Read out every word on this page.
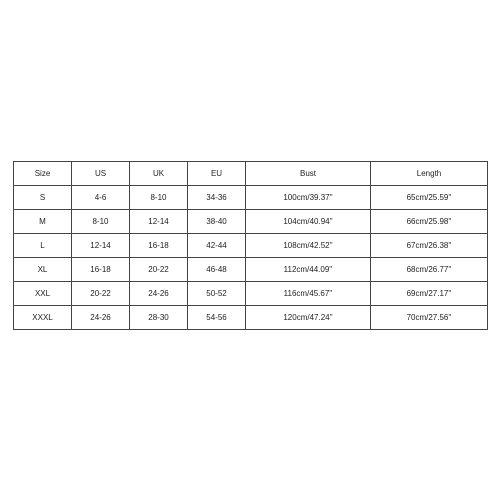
Size	US	UK	EU	Bust	Length
S	4-6	8-10	34-36	100cm/39.37''	65cm/25.59''
M	8-10	12-14	38-40	104cm/40.94''	66cm/25.98''
L	12-14	16-18	42-44	108cm/42.52''	67cm/26.38''
XL	16-18	20-22	46-48	112cm/44.09''	68cm/26.77''
XXL	20-22	24-26	50-52	116cm/45.67''	69cm/27.17''
XXXL	24-26	28-30	54-56	120cm/47.24''	70cm/27.56''
